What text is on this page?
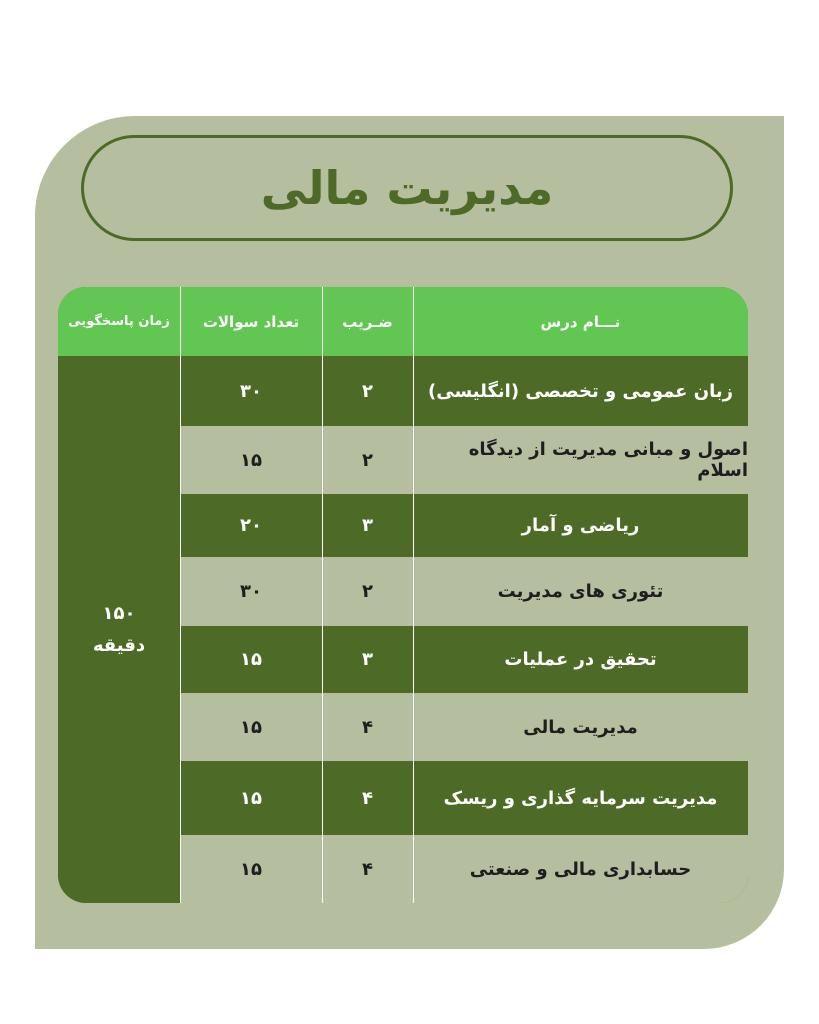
مدیریت مالی
نـــام درس
ضـریب
تعداد سوالات
زمان پاسخگویی
۱۵۰
دقیقه
زبان عمومی و تخصصی (انگلیسی)
۲
۳۰
اصول و مبانی مدیریت از دیدگاه اسلام
۲
۱۵
ریاضی و آمار
۳
۲۰
تئوری های مدیریت
۲
۳۰
تحقیق در عملیات
۳
۱۵
مدیریت مالی
۴
۱۵
مدیریت سرمایه گذاری و ریسک
۴
۱۵
حسابداری مالی و صنعتی
۴
۱۵
